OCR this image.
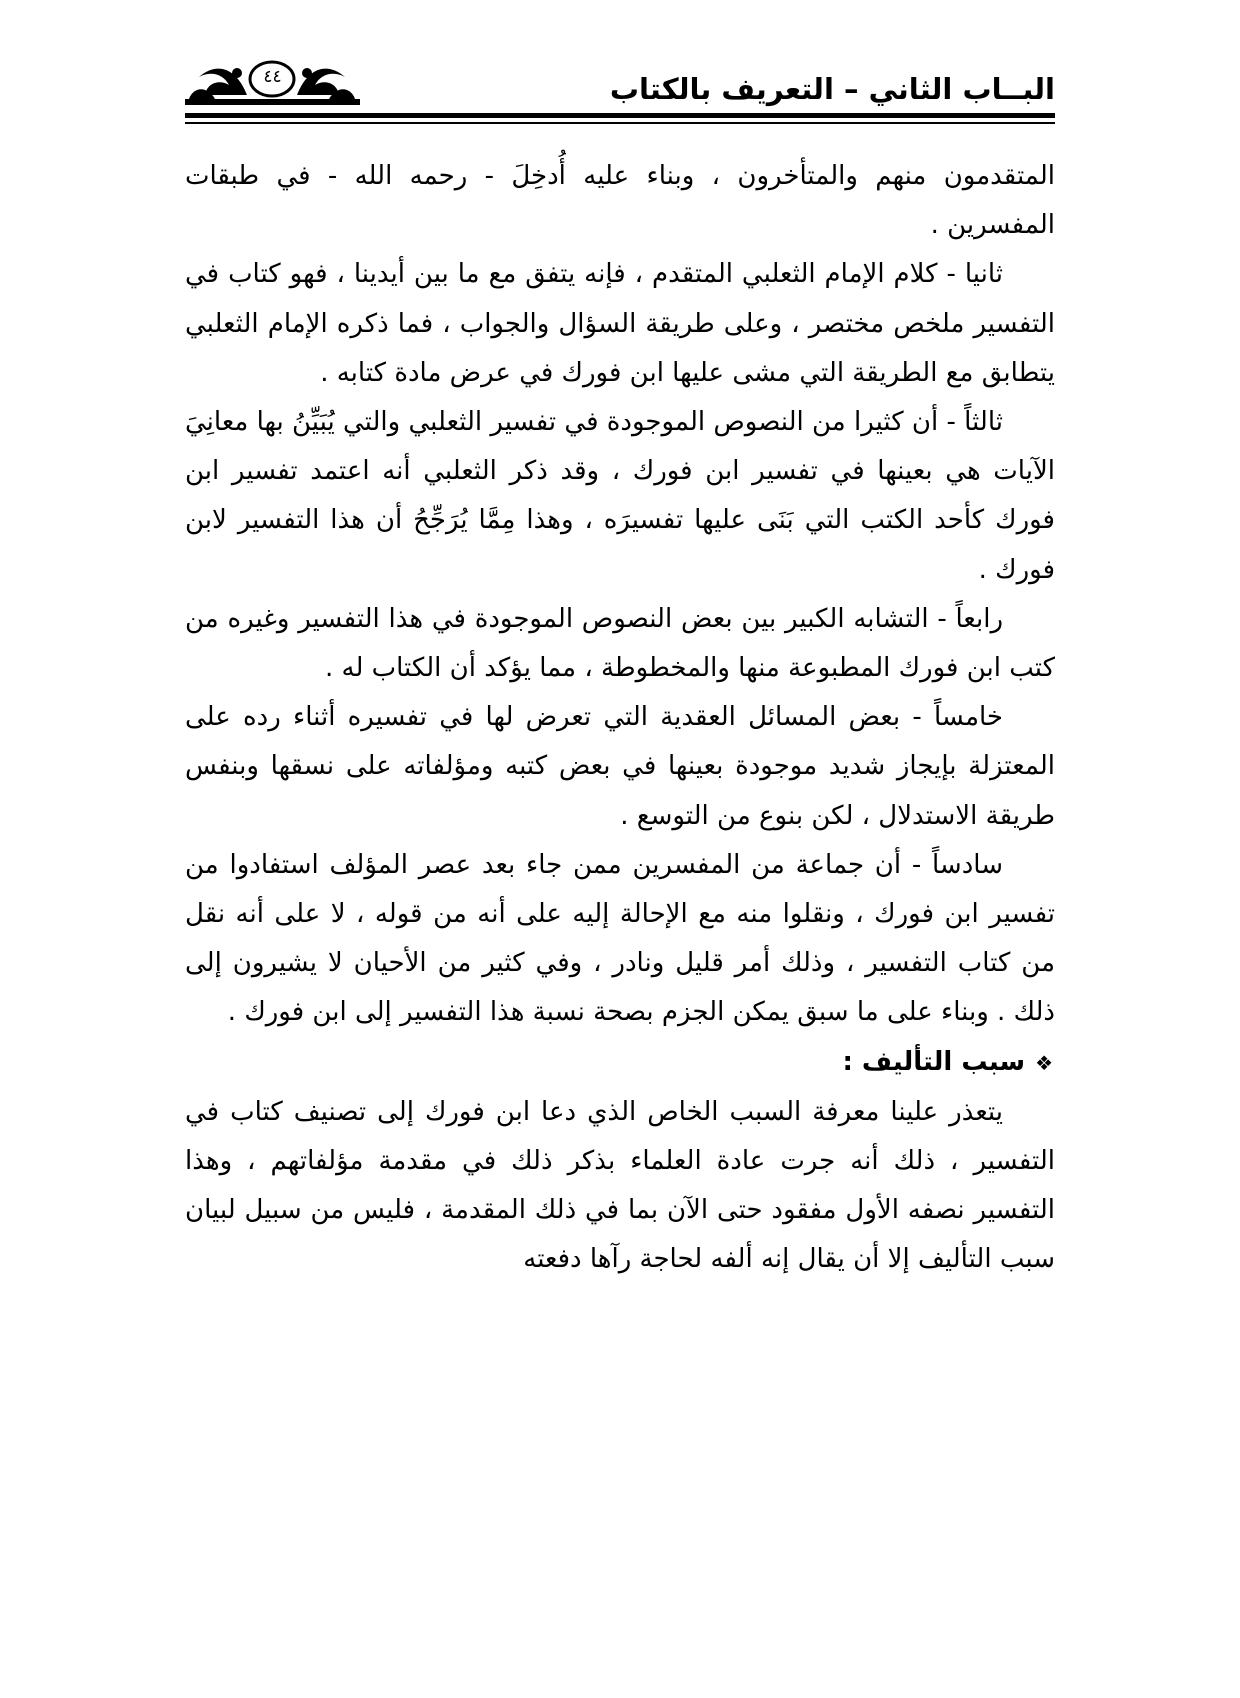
البــاب الثاني – التعريف بالكتاب
٤٤

المتقدمون منهم والمتأخرون ، وبناء عليه أُدخِلَ - رحمه الله - في طبقات المفسرين .

ثانيا - كلام الإمام الثعلبي المتقدم ، فإنه يتفق مع ما بين أيدينا ، فهو كتاب في التفسير ملخص مختصر ، وعلى طريقة السؤال والجواب ، فما ذكره الإمام الثعلبي يتطابق مع الطريقة التي مشى عليها ابن فورك في عرض مادة كتابه .

ثالثاً - أن كثيرا من النصوص الموجودة في تفسير الثعلبي والتي يُبَيِّنُ بها معانِيَ الآيات هي بعينها في تفسير ابن فورك ، وقد ذكر الثعلبي أنه اعتمد تفسير ابن فورك كأحد الكتب التي بَنَى عليها تفسيرَه ، وهذا مِمَّا يُرَجِّحُ أن هذا التفسير لابن فورك .

رابعاً - التشابه الكبير بين بعض النصوص الموجودة في هذا التفسير وغيره من كتب ابن فورك المطبوعة منها والمخطوطة ، مما يؤكد أن الكتاب له .

خامساً - بعض المسائل العقدية التي تعرض لها في تفسيره أثناء رده على المعتزلة بإيجاز شديد موجودة بعينها في بعض كتبه ومؤلفاته على نسقها وبنفس طريقة الاستدلال ، لكن بنوع من التوسع .

سادساً - أن جماعة من المفسرين ممن جاء بعد عصر المؤلف استفادوا من تفسير ابن فورك ، ونقلوا منه مع الإحالة إليه على أنه من قوله ، لا على أنه نقل من كتاب التفسير ، وذلك أمر قليل ونادر ، وفي كثير من الأحيان لا يشيرون إلى ذلك . وبناء على ما سبق يمكن الجزم بصحة نسبة هذا التفسير إلى ابن فورك .

❖سبب التأليف :

يتعذر علينا معرفة السبب الخاص الذي دعا ابن فورك إلى تصنيف كتاب في التفسير ، ذلك أنه جرت عادة العلماء بذكر ذلك في مقدمة مؤلفاتهم ، وهذا التفسير نصفه الأول مفقود حتى الآن بما في ذلك المقدمة ، فليس من سبيل لبيان سبب التأليف إلا أن يقال إنه ألفه لحاجة رآها دفعته
